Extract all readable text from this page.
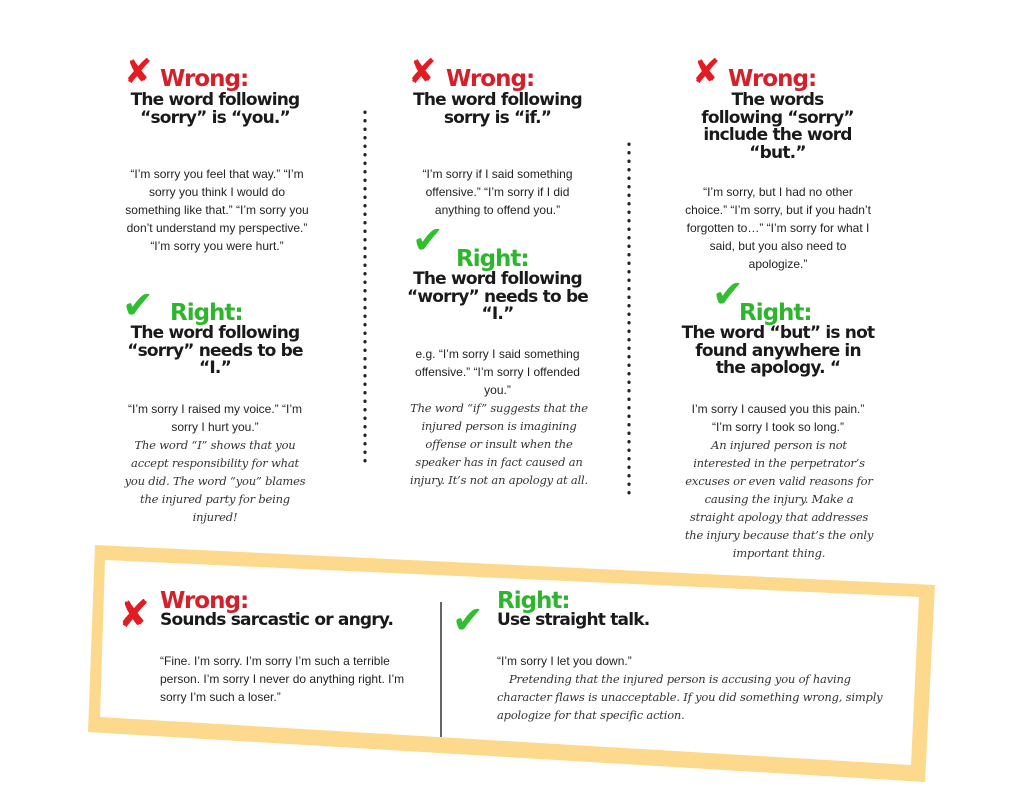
✘ Wrong:
The word following “sorry” is “you.”
“I’m sorry you feel that way.” “I’m sorry you think I would do something like that.” “I’m sorry you don’t understand my perspective.” “I’m sorry you were hurt.”
✔ Right:
The word following “sorry” needs to be “I.”
“I’m sorry I raised my voice.” “I’m sorry I hurt you.”
The word “I” shows that you accept responsibility for what you did. The word “you” blames the injured party for being injured!
✘ Wrong:
The word following sorry is “if.”
“I’m sorry if I said something offensive.” “I’m sorry if I did anything to offend you.”
✔ Right:
The word following “worry” needs to be “I.”
e.g. “I’m sorry I said something offensive.” “I’m sorry I offended you.”
The word “if” suggests that the injured person is imagining offense or insult when the speaker has in fact caused an injury. It’s not an apology at all.
✘ Wrong:
The words following “sorry” include the word “but.”
“I’m sorry, but I had no other choice.” “I’m sorry, but if you hadn’t forgotten to…” “I’m sorry for what I said, but you also need to apologize.”
✔
Right:
The word “but” is not found anywhere in the apology. “
I’m sorry I caused you this pain.” “I’m sorry I took so long.”
An injured person is not interested in the perpetrator’s excuses or even valid reasons for causing the injury. Make a straight apology that addresses the injury because that’s the only important thing.
✘ Wrong:
Sounds sarcastic or angry.
“Fine. I’m sorry. I’m sorry I’m such a terrible person. I’m sorry I never do anything right. I’m sorry I’m such a loser.”
✔ Right:
Use straight talk.
“I’m sorry I let you down.”
Pretending that the injured person is accusing you of having character flaws is unacceptable. If you did something wrong, simply apologize for that specific action.
